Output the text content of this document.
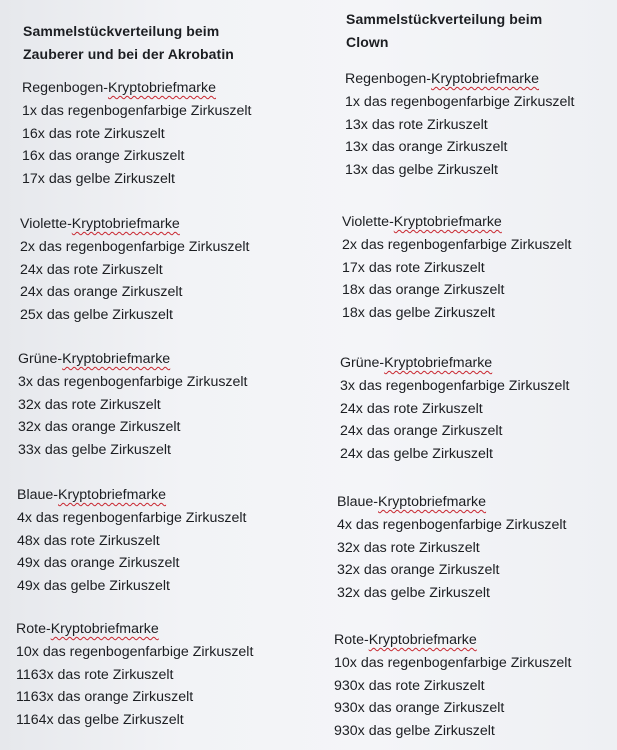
Sammelstückverteilung beim
Zauberer und bei der Akrobatin
Regenbogen-Kryptobriefmarke
1x das regenbogenfarbige Zirkuszelt
16x das rote Zirkuszelt
16x das orange Zirkuszelt
17x das gelbe Zirkuszelt
Violette-Kryptobriefmarke
2x das regenbogenfarbige Zirkuszelt
24x das rote Zirkuszelt
24x das orange Zirkuszelt
25x das gelbe Zirkuszelt
Grüne-Kryptobriefmarke
3x das regenbogenfarbige Zirkuszelt
32x das rote Zirkuszelt
32x das orange Zirkuszelt
33x das gelbe Zirkuszelt
Blaue-Kryptobriefmarke
4x das regenbogenfarbige Zirkuszelt
48x das rote Zirkuszelt
49x das orange Zirkuszelt
49x das gelbe Zirkuszelt
Rote-Kryptobriefmarke
10x das regenbogenfarbige Zirkuszelt
1163x das rote Zirkuszelt
1163x das orange Zirkuszelt
1164x das gelbe Zirkuszelt
Sammelstückverteilung beim
Clown
Regenbogen-Kryptobriefmarke
1x das regenbogenfarbige Zirkuszelt
13x das rote Zirkuszelt
13x das orange Zirkuszelt
13x das gelbe Zirkuszelt
Violette-Kryptobriefmarke
2x das regenbogenfarbige Zirkuszelt
17x das rote Zirkuszelt
18x das orange Zirkuszelt
18x das gelbe Zirkuszelt
Grüne-Kryptobriefmarke
3x das regenbogenfarbige Zirkuszelt
24x das rote Zirkuszelt
24x das orange Zirkuszelt
24x das gelbe Zirkuszelt
Blaue-Kryptobriefmarke
4x das regenbogenfarbige Zirkuszelt
32x das rote Zirkuszelt
32x das orange Zirkuszelt
32x das gelbe Zirkuszelt
Rote-Kryptobriefmarke
10x das regenbogenfarbige Zirkuszelt
930x das rote Zirkuszelt
930x das orange Zirkuszelt
930x das gelbe Zirkuszelt
